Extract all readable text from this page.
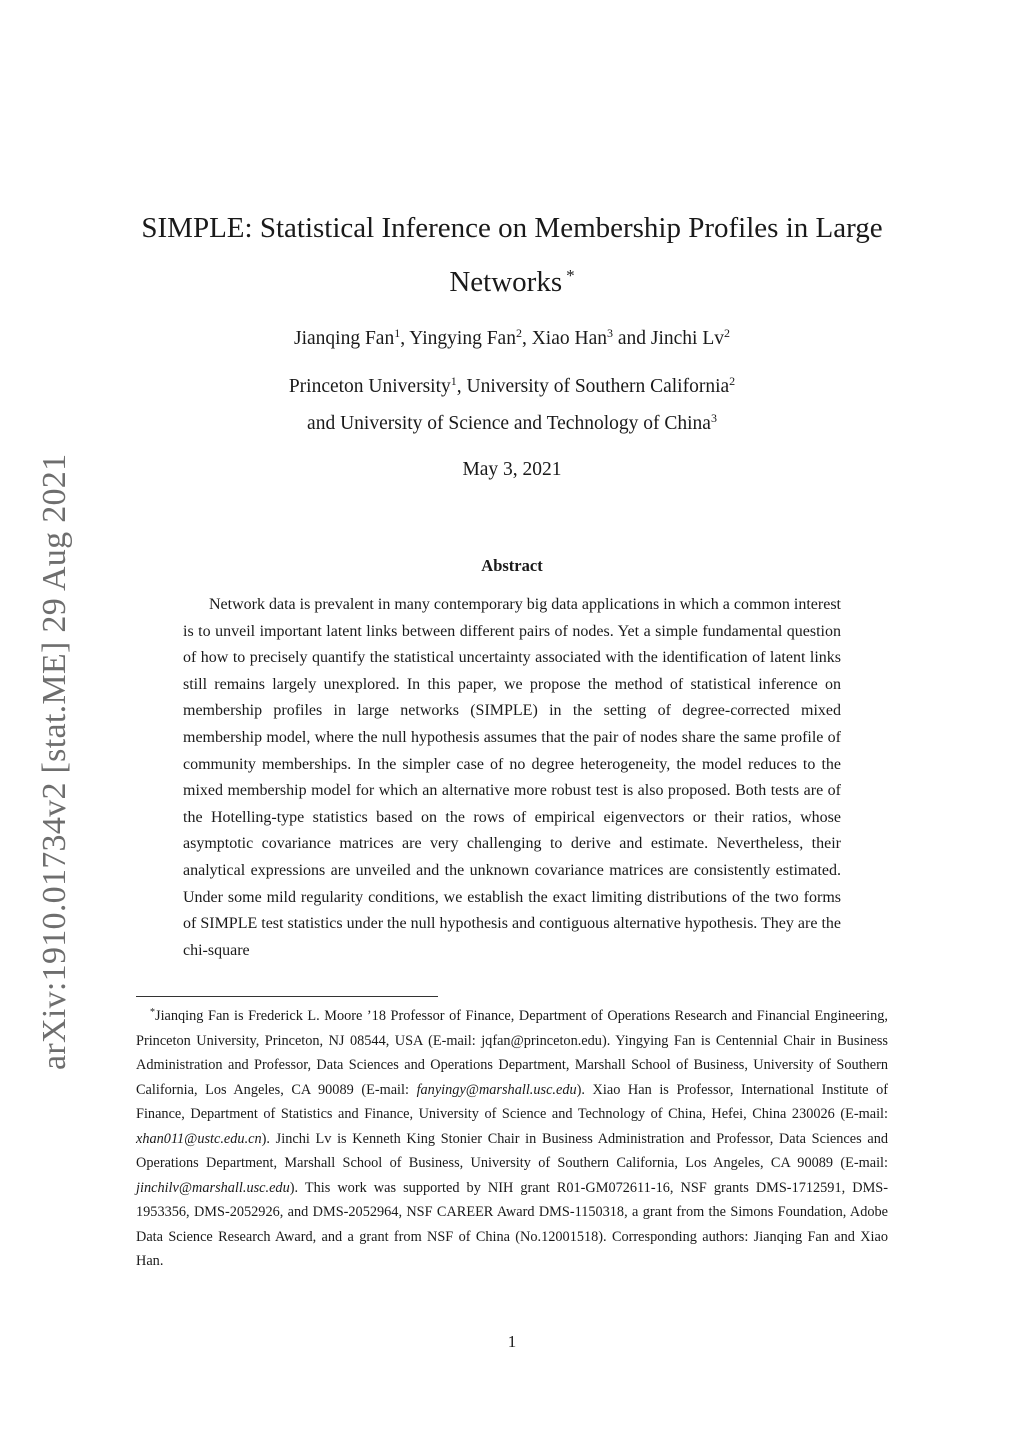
arXiv:1910.01734v2 [stat.ME] 29 Aug 2021
SIMPLE: Statistical Inference on Membership Profiles in Large
Networks *
Jianqing Fan$^1$, Yingying Fan$^2$, Xiao Han$^3$ and Jinchi Lv$^2$
Princeton University$^1$, University of Southern California$^2$
and University of Science and Technology of China$^3$
May 3, 2021
Abstract

Network data is prevalent in many contemporary big data applications in which a common interest is to unveil important latent links between different pairs of nodes. Yet a simple fundamental question of how to precisely quantify the statistical uncertainty associated with the identification of latent links still remains largely unexplored. In this paper, we propose the method of statistical inference on membership profiles in large networks (SIMPLE) in the setting of degree-corrected mixed membership model, where the null hypothesis assumes that the pair of nodes share the same profile of community memberships. In the simpler case of no degree heterogeneity, the model reduces to the mixed membership model for which an alternative more robust test is also proposed. Both tests are of the Hotelling-type statistics based on the rows of empirical eigenvectors or their ratios, whose asymptotic covariance matrices are very challenging to derive and estimate. Nevertheless, their analytical expressions are unveiled and the unknown covariance matrices are consistently estimated. Under some mild regularity conditions, we establish the exact limiting distributions of the two forms of SIMPLE test statistics under the null hypothesis and contiguous alternative hypothesis. They are the chi-square

*Jianqing Fan is Frederick L. Moore ’18 Professor of Finance, Department of Operations Research and Financial Engineering, Princeton University, Princeton, NJ 08544, USA (E-mail: jqfan@princeton.edu). Yingying Fan is Centennial Chair in Business Administration and Professor, Data Sciences and Operations Department, Marshall School of Business, University of Southern California, Los Angeles, CA 90089 (E-mail: fanyingy@marshall.usc.edu). Xiao Han is Professor, International Institute of Finance, Department of Statistics and Finance, University of Science and Technology of China, Hefei, China 230026 (E-mail: xhan011@ustc.edu.cn). Jinchi Lv is Kenneth King Stonier Chair in Business Administration and Professor, Data Sciences and Operations Department, Marshall School of Business, University of Southern California, Los Angeles, CA 90089 (E-mail: jinchilv@marshall.usc.edu). This work was supported by NIH grant R01-GM072611-16, NSF grants DMS-1712591, DMS-1953356, DMS-2052926, and DMS-2052964, NSF CAREER Award DMS-1150318, a grant from the Simons Foundation, Adobe Data Science Research Award, and a grant from NSF of China (No.12001518). Corresponding authors: Jianqing Fan and Xiao Han.

1
